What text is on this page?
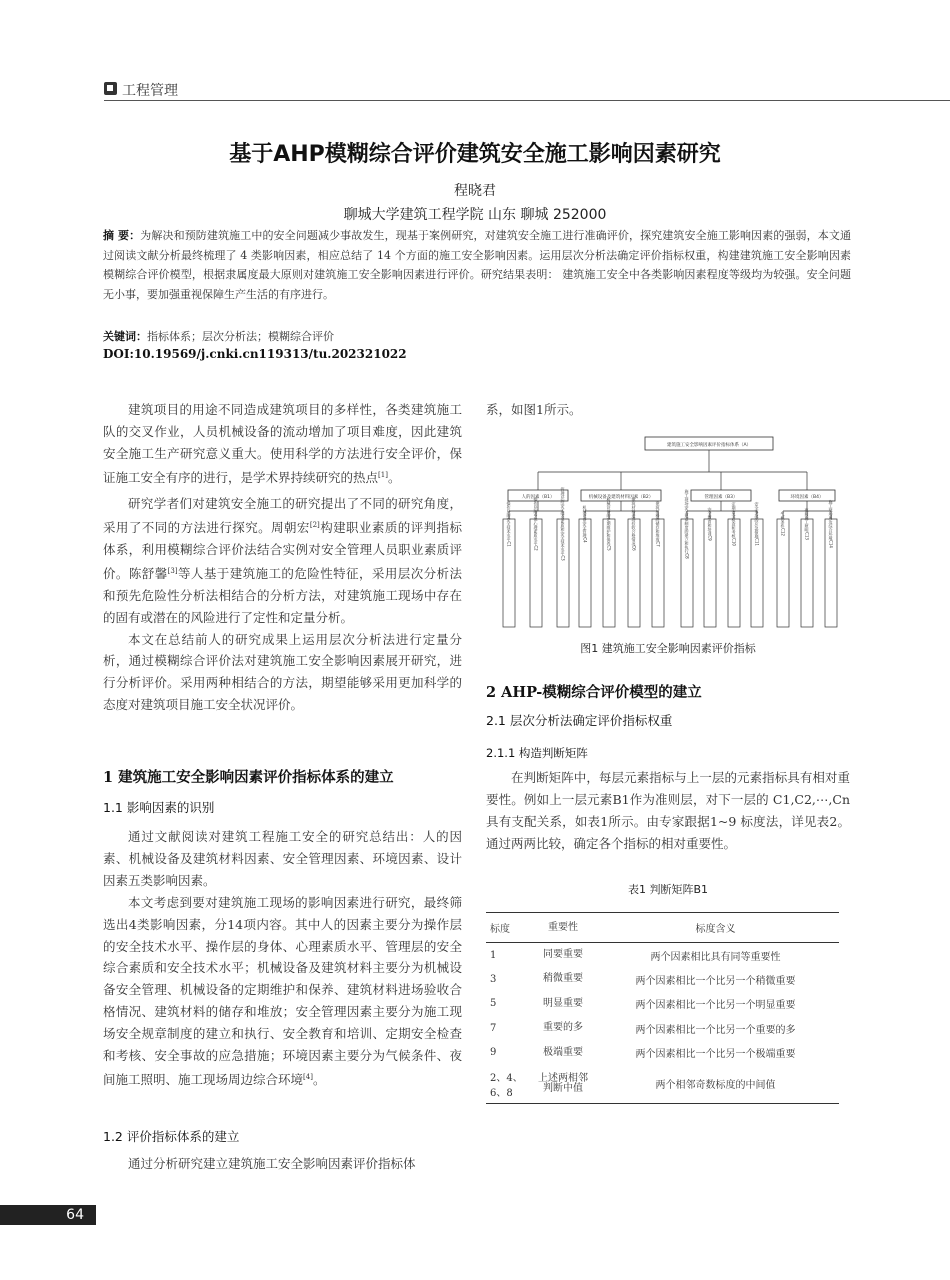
工程管理
基于AHP模糊综合评价建筑安全施工影响因素研究
程晓君
聊城大学建筑工程学院 山东 聊城 252000
摘 要：为解决和预防建筑施工中的安全问题减少事故发生，现基于案例研究，对建筑安全施工进行准确评价，探究建筑安全施工影响因素的强弱，本文通过阅读文献分析最终梳理了 4 类影响因素，相应总结了 14 个方面的施工安全影响因素。运用层次分析法确定评价指标权重，构建建筑施工安全影响因素模糊综合评价模型，根据隶属度最大原则对建筑施工安全影响因素进行评价。研究结果表明： 建筑施工安全中各类影响因素程度等级均为较强。安全问题无小事，要加强重视保障生产生活的有序进行。
关键词：指标体系；层次分析法；模糊综合评价
DOI:10.19569/j.cnki.cn119313/tu.202321022

建筑项目的用途不同造成建筑项目的多样性，各类建筑施工队的交叉作业，人员机械设备的流动增加了项目难度，因此建筑安全施工生产研究意义重大。使用科学的方法进行安全评价，保证施工安全有序的进行，是学术界持续研究的热点[1]。

研究学者们对建筑安全施工的研究提出了不同的研究角度，采用了不同的方法进行探究。周朝宏[2]构建职业素质的评判指标体系，利用模糊综合评价法结合实例对安全管理人员职业素质评价。陈舒馨[3]等人基于建筑施工的危险性特征，采用层次分析法和预先危险性分析法相结合的分析方法，对建筑施工现场中存在的固有或潜在的风险进行了定性和定量分析。

本文在总结前人的研究成果上运用层次分析法进行定量分析，通过模糊综合评价法对建筑施工安全影响因素展开研究，进行分析评价。采用两种相结合的方法，期望能够采用更加科学的态度对建筑项目施工安全状况评价。

1 建筑施工安全影响因素评价指标体系的建立
1.1 影响因素的识别

通过文献阅读对建筑工程施工安全的研究总结出：人的因素、机械设备及建筑材料因素、安全管理因素、环境因素、设计因素五类影响因素。

本文考虑到要对建筑施工现场的影响因素进行研究，最终筛选出4类影响因素，分14项内容。其中人的因素主要分为操作层的安全技术水平、操作层的身体、心理素质水平、管理层的安全综合素质和安全技术水平；机械设备及建筑材料主要分为机械设备安全管理、机械设备的定期维护和保养、建筑材料进场验收合格情况、建筑材料的储存和堆放；安全管理因素主要分为施工现场安全规章制度的建立和执行、安全教育和培训、定期安全检查和考核、安全事故的应急措施；环境因素主要分为气候条件、夜间施工照明、施工现场周边综合环境[4]。

1.2 评价指标体系的建立

通过分析研究建立建筑施工安全影响因素评价指标体

系，如图1所示。

建筑施工安全影响因素评价指标体系（A）
人的因素（B1）	机械设备及建筑材料因素（B2）	管理因素（B3）	环境因素（B4）
操作层的安全技术水平C1	操作层的身体心理素质水平C2	管理层的安全综合素质和安全技术水平C3	机械设备安全管理C4	机械设备的定期维护和保养C5	建筑材料进场验收合格情况C6	建筑材料的储存和堆放C7	施工现场安全规章制度的建立和执行C8	安全教育和培训C9	定期安全检查和考核C10	安全事故的应急措施C11	气候条件C12	夜间施工照明C13	施工现场周边综合环境C14
图1 建筑施工安全影响因素评价指标
2 AHP-模糊综合评价模型的建立
2.1 层次分析法确定评价指标权重
2.1.1 构造判断矩阵

在判断矩阵中，每层元素指标与上一层的元素指标具有相对重要性。例如上一层元素B1作为准则层，对下一层的 C1,C2,⋯,Cn具有支配关系，如表1所示。由专家跟据1~9 标度法，详见表2。通过两两比较，确定各个指标的相对重要性。

表1 判断矩阵B1
标度	重要性	标度含义
1	同要重要	两个因素相比具有同等重要性
3	稍微重要	两个因素相比一个比另一个稍微重要
5	明显重要	两个因素相比一个比另一个明显重要
7	重要的多	两个因素相比一个比另一个重要的多
9	极端重要	两个因素相比一个比另一个极端重要
2、4、6、8	上述两相邻判断中值	两个相邻奇数标度的中间值
64
